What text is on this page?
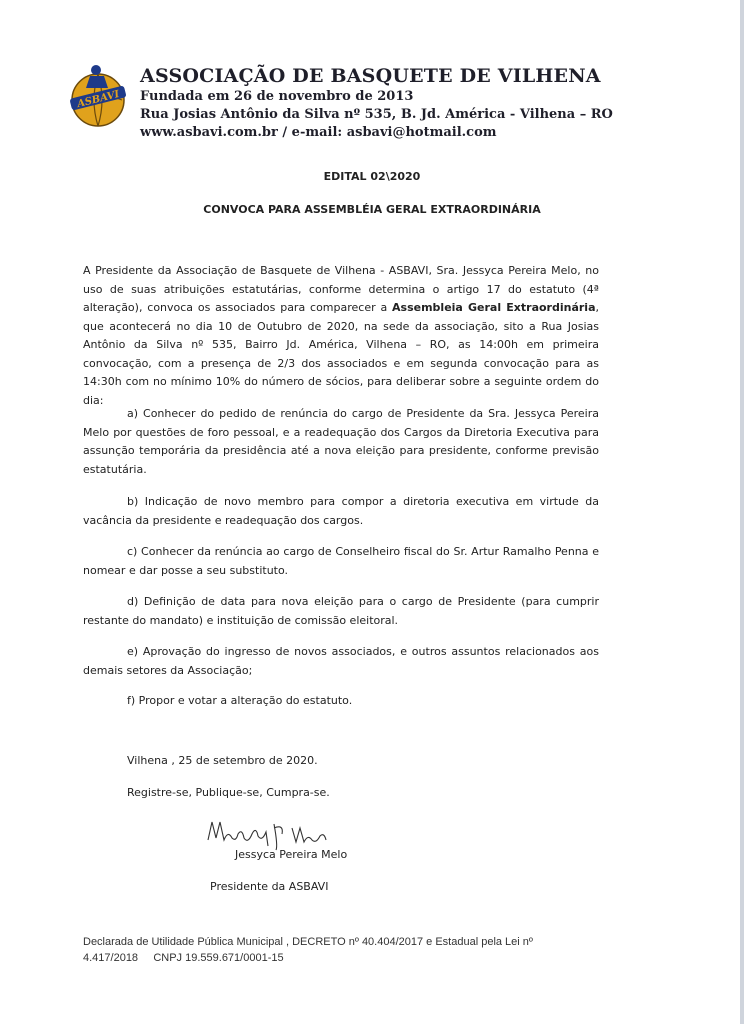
ASBAVI
ASSOCIAÇÃO DE BASQUETE DE VILHENA
Fundada em 26 de novembro de 2013
Rua Josias Antônio da Silva nº 535, B. Jd. América - Vilhena – RO
www.asbavi.com.br / e-mail: asbavi@hotmail.com
EDITAL 02\2020
CONVOCA PARA ASSEMBLÉIA GERAL EXTRAORDINÁRIA
A Presidente da Associação de Basquete de Vilhena - ASBAVI, Sra. Jessyca Pereira Melo, no uso de suas atribuições estatutárias, conforme determina o artigo 17 do estatuto (4ª alteração), convoca os associados para comparecer a Assembleia Geral Extraordinária, que acontecerá no dia 10 de Outubro de 2020, na sede da associação, sito a Rua Josias Antônio da Silva nº 535, Bairro Jd. América, Vilhena – RO, as 14:00h em primeira convocação, com a presença de 2/3 dos associados e em segunda convocação para as 14:30h com no mínimo 10% do número de sócios, para deliberar sobre a seguinte ordem do dia:
a) Conhecer do pedido de renúncia do cargo de Presidente da Sra. Jessyca Pereira Melo por questões de foro pessoal, e a readequação dos Cargos da Diretoria Executiva para assunção temporária da presidência até a nova eleição para presidente, conforme previsão estatutária.
b) Indicação de novo membro para compor a diretoria executiva em virtude da vacância da presidente e readequação dos cargos.
c) Conhecer da renúncia ao cargo de Conselheiro fiscal do Sr. Artur Ramalho Penna e nomear e dar posse a seu substituto.
d) Definição de data para nova eleição para o cargo de Presidente (para cumprir restante do mandato) e instituição de comissão eleitoral.
e) Aprovação do ingresso de novos associados, e outros assuntos relacionados aos demais setores da Associação;
f) Propor e votar a alteração do estatuto.
Vilhena , 25 de setembro de 2020.
Registre-se, Publique-se, Cumpra-se.
Jessyca Pereira Melo
Presidente da ASBAVI
Declarada de Utilidade Pública Municipal , DECRETO nº 40.404/2017 e Estadual pela Lei nº
4.417/2018     CNPJ 19.559.671/0001-15
